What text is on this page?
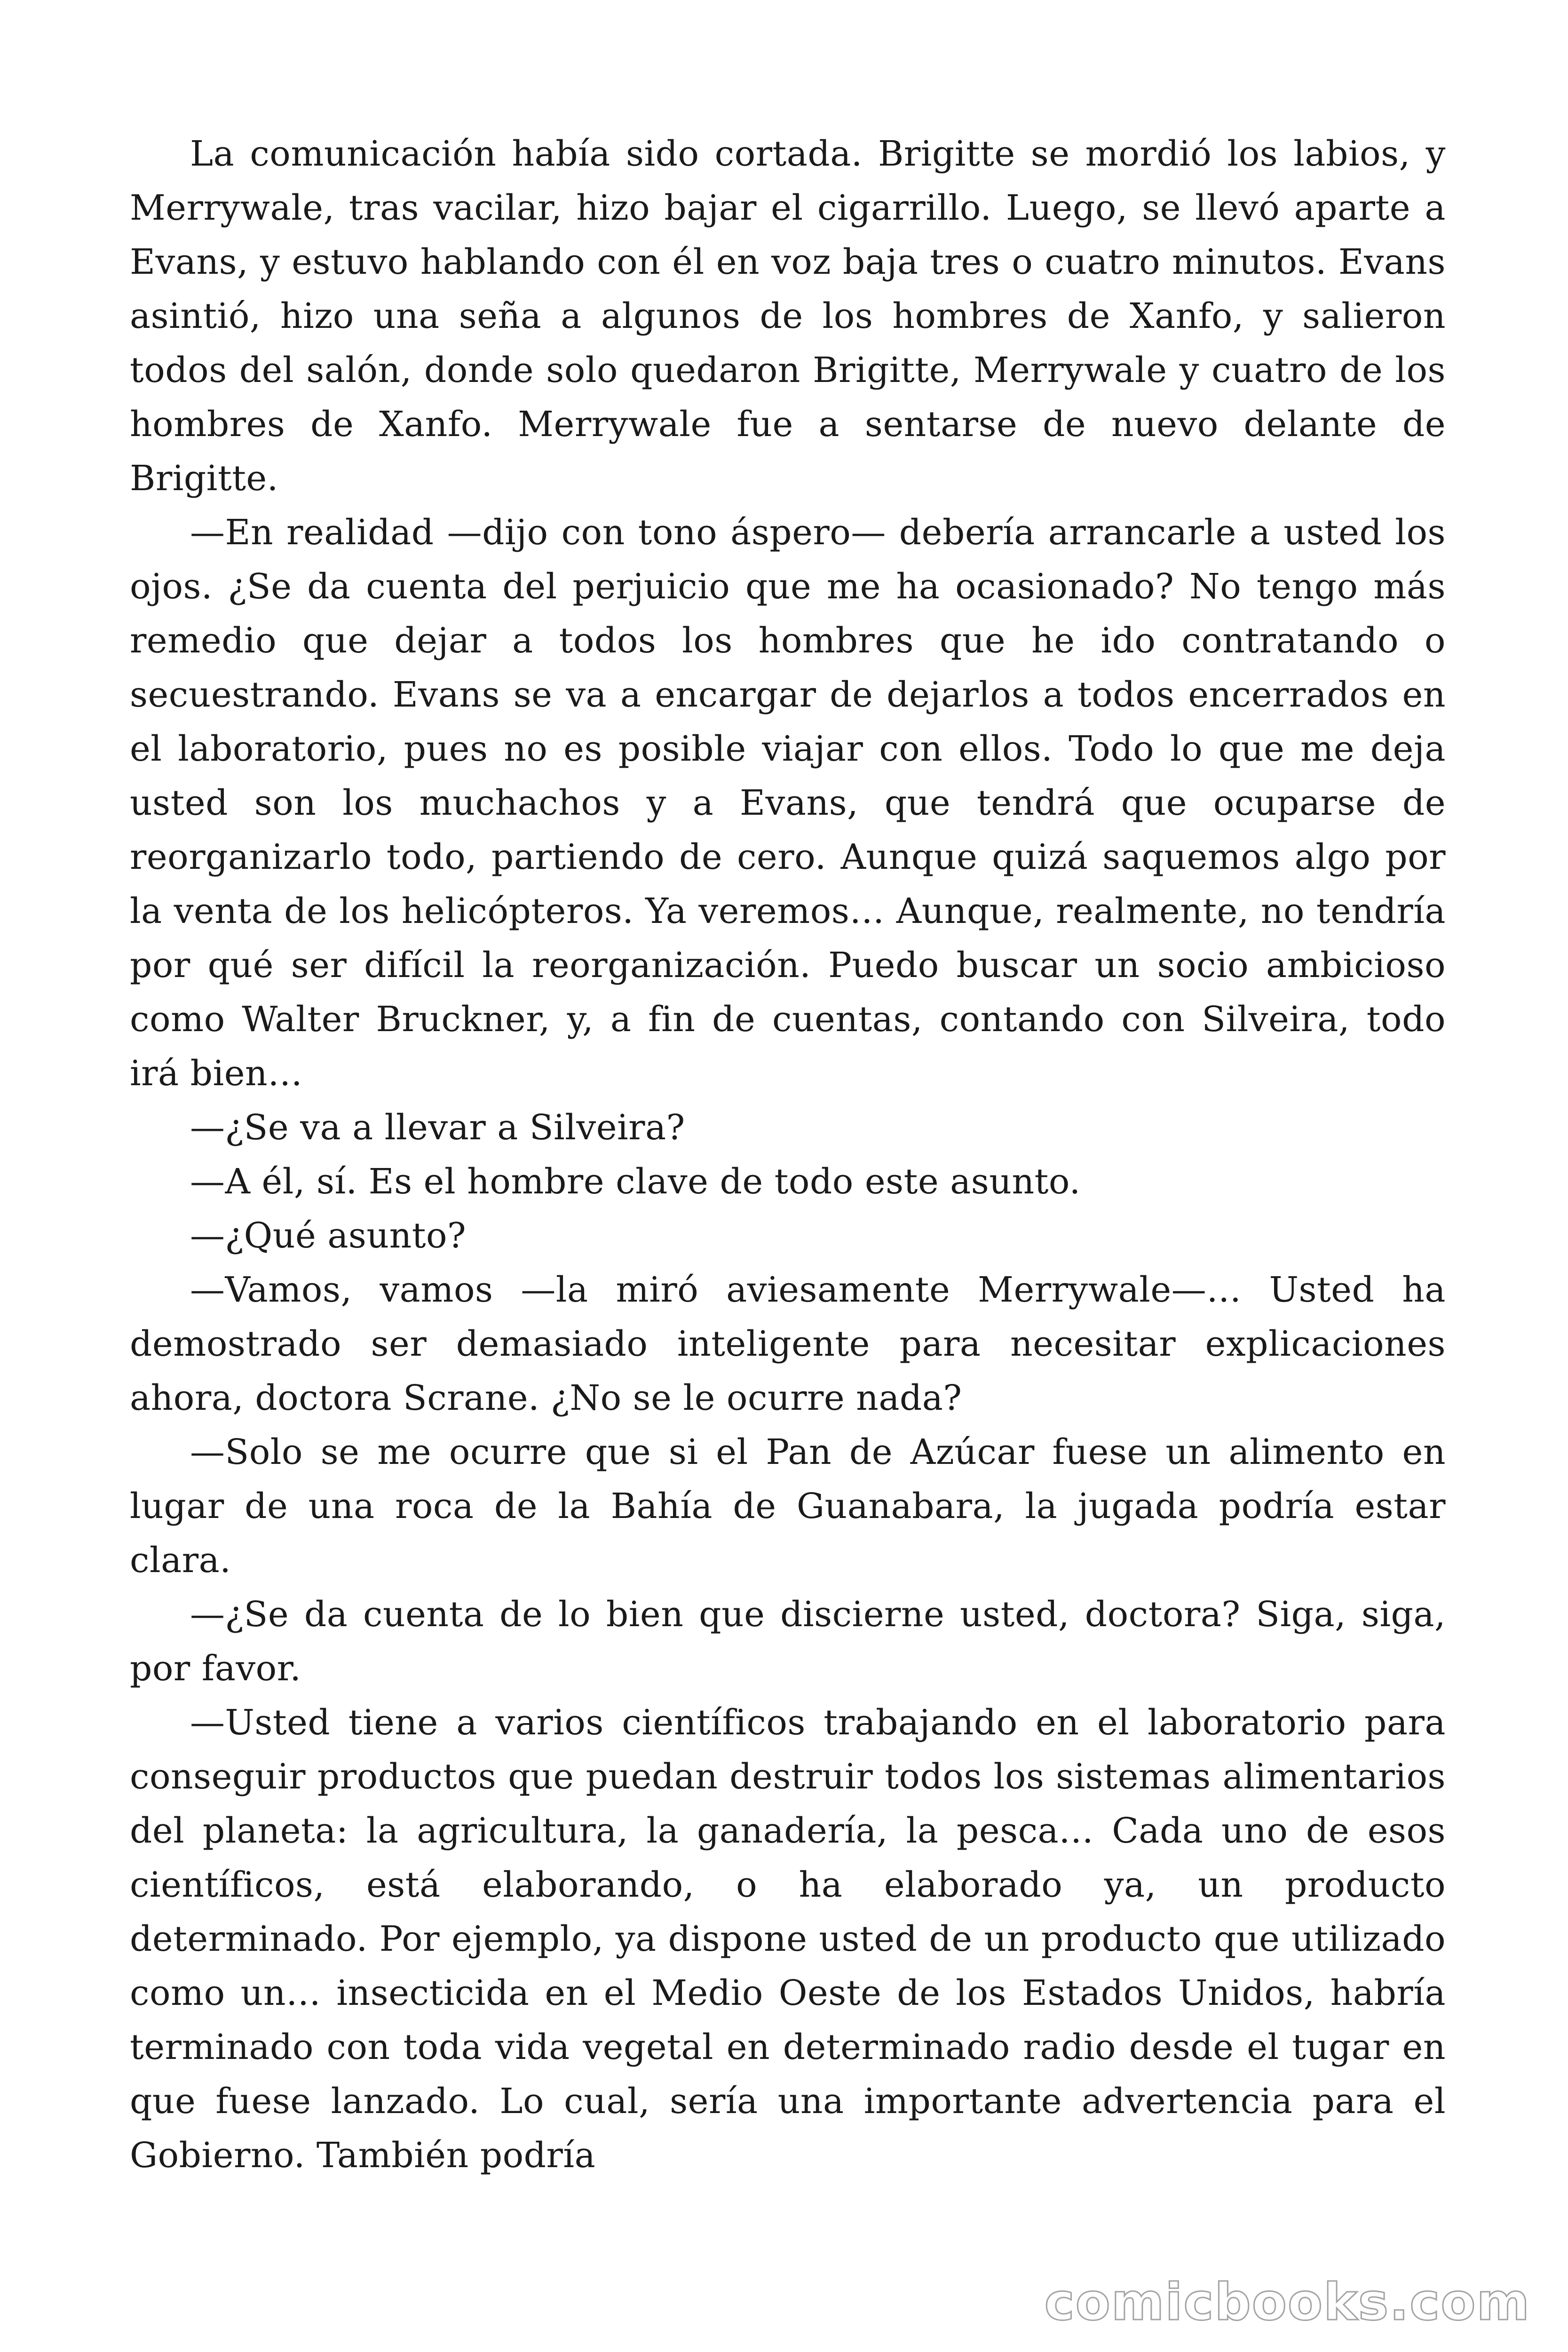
La comunicación había sido cortada. Brigitte se mordió los labios, y Merrywale, tras vacilar, hizo bajar el cigarrillo. Luego, se llevó aparte a Evans, y estuvo hablando con él en voz baja tres o cuatro minutos. Evans asintió, hizo una seña a algunos de los hombres de Xanfo, y salieron todos del salón, donde solo quedaron Brigitte, Merrywale y cuatro de los hombres de Xanfo. Merrywale fue a sentarse de nuevo delante de Brigitte.

—En realidad —dijo con tono áspero— debería arrancarle a usted los ojos. ¿Se da cuenta del perjuicio que me ha ocasionado? No tengo más remedio que dejar a todos los hombres que he ido contratando o secuestrando. Evans se va a encargar de dejarlos a todos encerrados en el laboratorio, pues no es posible viajar con ellos. Todo lo que me deja usted son los muchachos y a Evans, que tendrá que ocuparse de reorganizarlo todo, partiendo de cero. Aunque quizá saquemos algo por la venta de los helicópteros. Ya veremos… Aunque, realmente, no tendría por qué ser difícil la reorganización. Puedo buscar un socio ambicioso como Walter Bruckner, y, a fin de cuentas, contando con Silveira, todo irá bien…

—¿Se va a llevar a Silveira?

—A él, sí. Es el hombre clave de todo este asunto.

—¿Qué asunto?

—Vamos, vamos —la miró aviesamente Merrywale—… Usted ha demostrado ser demasiado inteligente para necesitar explicaciones ahora, doctora Scrane. ¿No se le ocurre nada?

—Solo se me ocurre que si el Pan de Azúcar fuese un alimento en lugar de una roca de la Bahía de Guanabara, la jugada podría estar clara.

—¿Se da cuenta de lo bien que discierne usted, doctora? Siga, siga, por favor.

—Usted tiene a varios científicos trabajando en el laboratorio para conseguir productos que puedan destruir todos los sistemas alimentarios del planeta: la agricultura, la ganadería, la pesca… Cada uno de esos científicos, está elaborando, o ha elaborado ya, un producto determinado. Por ejemplo, ya dispone usted de un producto que utilizado como un… insecticida en el Medio Oeste de los Estados Unidos, habría terminado con toda vida vegetal en determinado radio desde el tugar en que fuese lanzado. Lo cual, sería una importante advertencia para el Gobierno. También podría

comicbooks.com
